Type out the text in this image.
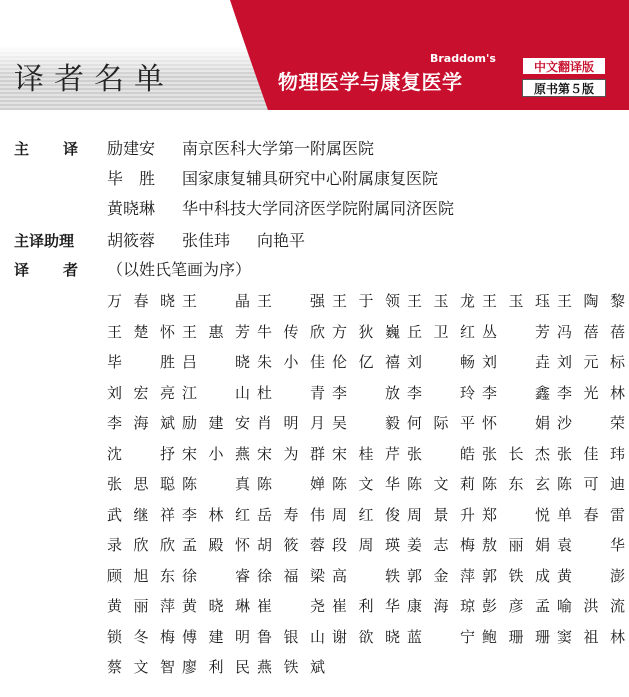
译者名单
Braddom's
物理医学与康复医学
中文翻译版
原书第５版
主译
励建安 南京医科大学第一附属医院
毕　胜 国家康复辅具研究中心附属康复医院
黄晓琳 华中科技大学同济医学院附属同济医院
主译助理 胡筱蓉 张佳玮 向艳平
译者
（以姓氏笔画为序）
万春晓 王晶 王强 王于领 王玉龙 王玉珏 王陶黎
王楚怀 王惠芳 牛传欣 方狄巍 丘卫红 丛芳 冯蓓蓓
毕胜 吕晓 朱小佳 伦亿禧 刘畅 刘垚 刘元标
刘宏亮 江山 杜青 李放 李玲 李鑫 李光林
李海斌 励建安 肖明月 吴毅 何际平 怀娟 沙荣
沈抒 宋小燕 宋为群 宋桂芹 张皓 张长杰 张佳玮
张思聪 陈真 陈婵 陈文华 陈文莉 陈东玄 陈可迪
武继祥 李林红 岳寿伟 周红俊 周景升 郑悦 单春雷
录欣欣 孟殿怀 胡筱蓉 段周瑛 姜志梅 敖丽娟 袁华
顾旭东 徐睿 徐福梁 高轶 郭金萍 郭铁成 黄澎
黄丽萍 黄晓琳 崔尧 崔利华 康海琼 彭彦孟 喻洪流
锁冬梅 傅建明 鲁银山 谢欲晓 蓝宁 鲍珊珊 窦祖林
蔡文智 廖利民 燕铁斌
